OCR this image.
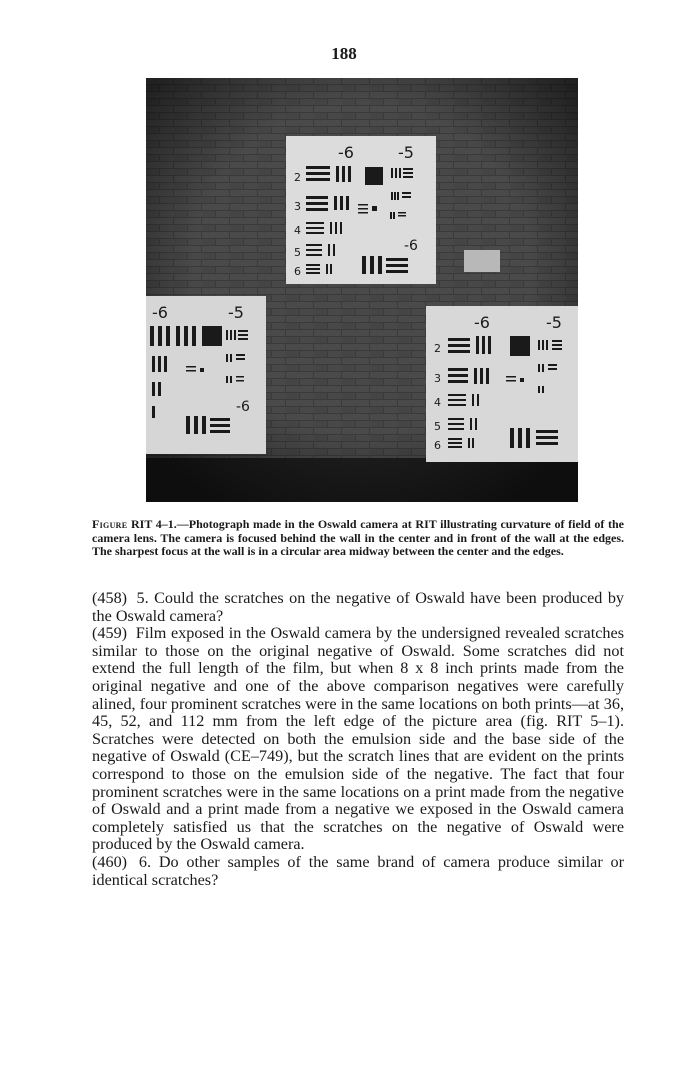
188
-6	-5
-6
2
3
4
5
6
-6	-5
-6
-6	-5
2
3
4
5
6
Figure RIT 4–1.—Photograph made in the Oswald camera at RIT illustrating curvature of field of the camera lens. The camera is focused behind the wall in the center and in front of the wall at the edges. The sharpest focus at the wall is in a circular area midway between the center and the edges.

(458) 5. Could the scratches on the negative of Oswald have been produced by the Oswald camera?

(459) Film exposed in the Oswald camera by the undersigned revealed scratches similar to those on the original negative of Oswald. Some scratches did not extend the full length of the film, but when 8 x 8 inch prints made from the original negative and one of the above comparison negatives were carefully alined, four prominent scratches were in the same locations on both prints—at 36, 45, 52, and 112 mm from the left edge of the picture area (fig. RIT 5–1). Scratches were detected on both the emulsion side and the base side of the negative of Oswald (CE–749), but the scratch lines that are evident on the prints correspond to those on the emulsion side of the negative. The fact that four prominent scratches were in the same locations on a print made from the negative of Oswald and a print made from a negative we exposed in the Oswald camera completely satisfied us that the scratches on the negative of Oswald were produced by the Oswald camera.

(460) 6. Do other samples of the same brand of camera produce similar or identical scratches?
